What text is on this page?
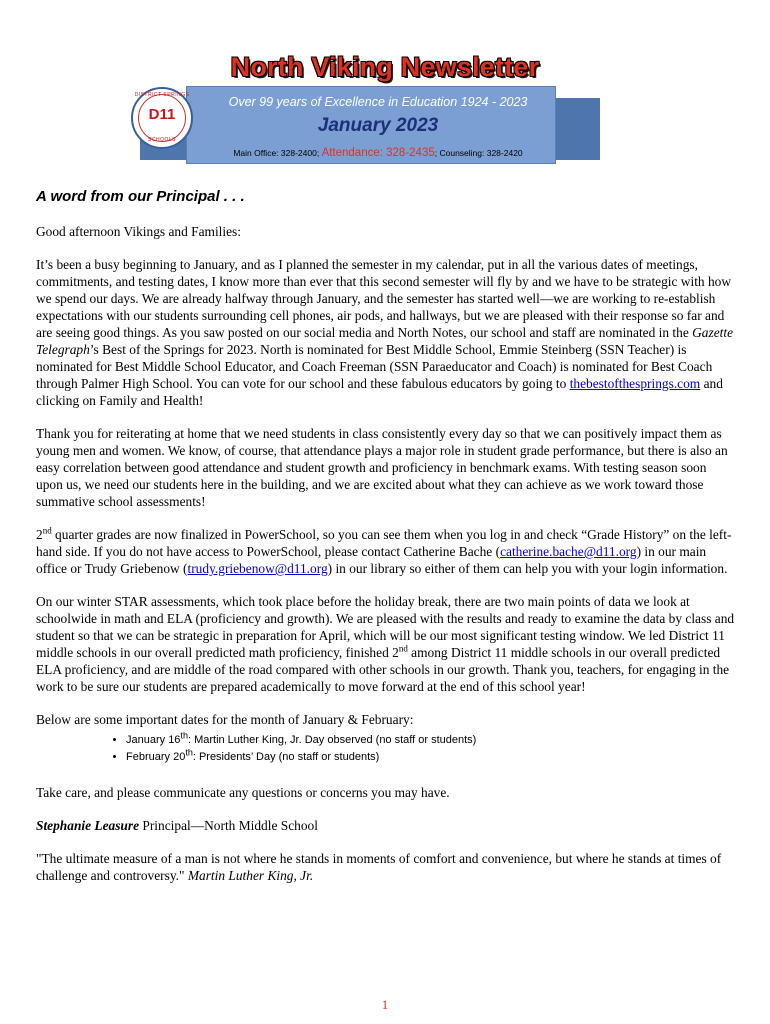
North Viking Newsletter
DISTRICT SPRINGS
D11
SCHOOLS
Over 99 years of Excellence in Education 1924 - 2023
January 2023
Main Office: 328-2400; Attendance: 328-2435; Counseling: 328-2420
A word from our Principal . . .

Good afternoon Vikings and Families:

It’s been a busy beginning to January, and as I planned the semester in my calendar, put in all the various dates of meetings, commitments, and testing dates, I know more than ever that this second semester will fly by and we have to be strategic with how we spend our days. We are already halfway through January, and the semester has started well—we are working to re-establish expectations with our students surrounding cell phones, air pods, and hallways, but we are pleased with their response so far and are seeing good things. As you saw posted on our social media and North Notes, our school and staff are nominated in the Gazette Telegraph’s Best of the Springs for 2023. North is nominated for Best Middle School, Emmie Steinberg (SSN Teacher) is nominated for Best Middle School Educator, and Coach Freeman (SSN Paraeducator and Coach) is nominated for Best Coach through Palmer High School. You can vote for our school and these fabulous educators by going to thebestofthesprings.com and clicking on Family and Health!

Thank you for reiterating at home that we need students in class consistently every day so that we can positively impact them as young men and women. We know, of course, that attendance plays a major role in student grade performance, but there is also an easy correlation between good attendance and student growth and proficiency in benchmark exams. With testing season soon upon us, we need our students here in the building, and we are excited about what they can achieve as we work toward those summative school assessments!

2nd quarter grades are now finalized in PowerSchool, so you can see them when you log in and check “Grade History” on the left-hand side. If you do not have access to PowerSchool, please contact Catherine Bache (catherine.bache@d11.org) in our main office or Trudy Griebenow (trudy.griebenow@d11.org) in our library so either of them can help you with your login information.

On our winter STAR assessments, which took place before the holiday break, there are two main points of data we look at schoolwide in math and ELA (proficiency and growth). We are pleased with the results and ready to examine the data by class and student so that we can be strategic in preparation for April, which will be our most significant testing window. We led District 11 middle schools in our overall predicted math proficiency, finished 2nd among District 11 middle schools in our overall predicted ELA proficiency, and are middle of the road compared with other schools in our growth. Thank you, teachers, for engaging in the work to be sure our students are prepared academically to move forward at the end of this school year!

Below are some important dates for the month of January & February:

• January 16th: Martin Luther King, Jr. Day observed (no staff or students)
• February 20th: Presidents’ Day (no staff or students)

Take care, and please communicate any questions or concerns you may have.

Stephanie Leasure Principal—North Middle School

"The ultimate measure of a man is not where he stands in moments of comfort and convenience, but where he stands at times of challenge and controversy." Martin Luther King, Jr.

1
